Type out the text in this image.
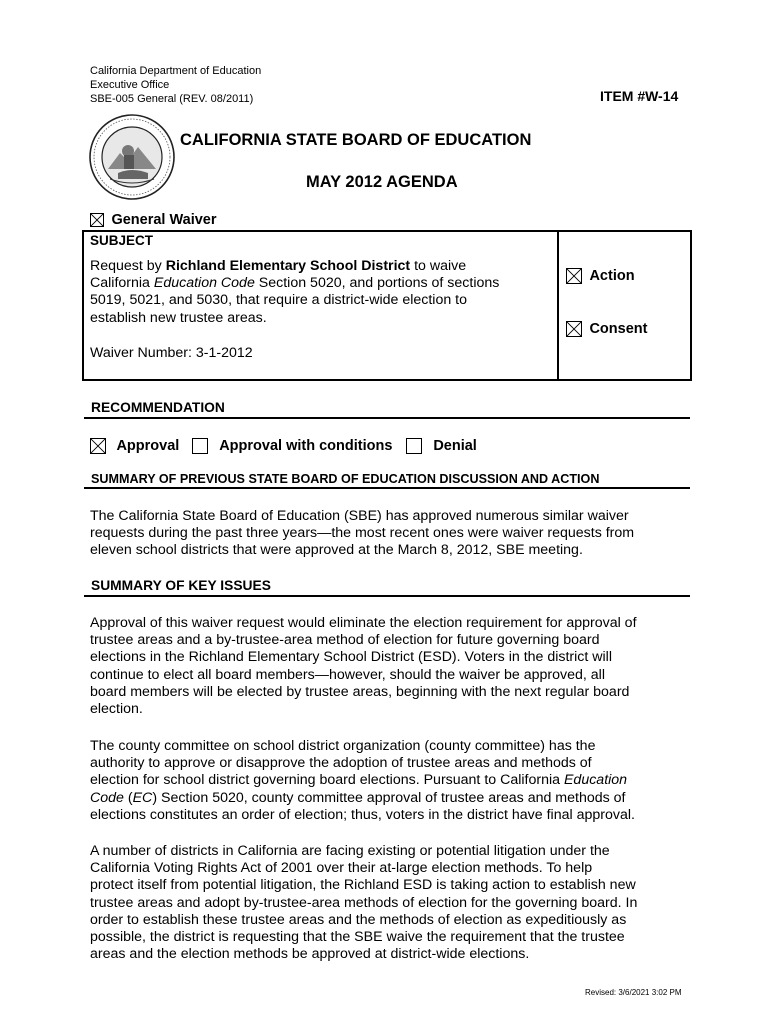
California Department of Education
Executive Office
SBE-005 General (REV. 08/2011)	ITEM #W-14
CALIFORNIA STATE BOARD OF EDUCATION
MAY 2012 AGENDA
General Waiver
SUBJECT
Request by Richland Elementary School District to waive
California Education Code Section 5020, and portions of sections
5019, 5021, and 5030, that require a district-wide election to
establish new trustee areas.
Waiver Number: 3-1-2012
Action
Consent
RECOMMENDATION
Approval	Approval with conditions	Denial
SUMMARY OF PREVIOUS STATE BOARD OF EDUCATION DISCUSSION AND ACTION
The California State Board of Education (SBE) has approved numerous similar waiver
requests during the past three years—the most recent ones were waiver requests from
eleven school districts that were approved at the March 8, 2012, SBE meeting.
SUMMARY OF KEY ISSUES
Approval of this waiver request would eliminate the election requirement for approval of
trustee areas and a by-trustee-area method of election for future governing board
elections in the Richland Elementary School District (ESD). Voters in the district will
continue to elect all board members—however, should the waiver be approved, all
board members will be elected by trustee areas, beginning with the next regular board
election.
The county committee on school district organization (county committee) has the
authority to approve or disapprove the adoption of trustee areas and methods of
election for school district governing board elections. Pursuant to California Education
Code (EC) Section 5020, county committee approval of trustee areas and methods of
elections constitutes an order of election; thus, voters in the district have final approval.
A number of districts in California are facing existing or potential litigation under the
California Voting Rights Act of 2001 over their at-large election methods. To help
protect itself from potential litigation, the Richland ESD is taking action to establish new
trustee areas and adopt by-trustee-area methods of election for the governing board. In
order to establish these trustee areas and the methods of election as expeditiously as
possible, the district is requesting that the SBE waive the requirement that the trustee
areas and the election methods be approved at district-wide elections.
Revised: 3/6/2021 3:02 PM
